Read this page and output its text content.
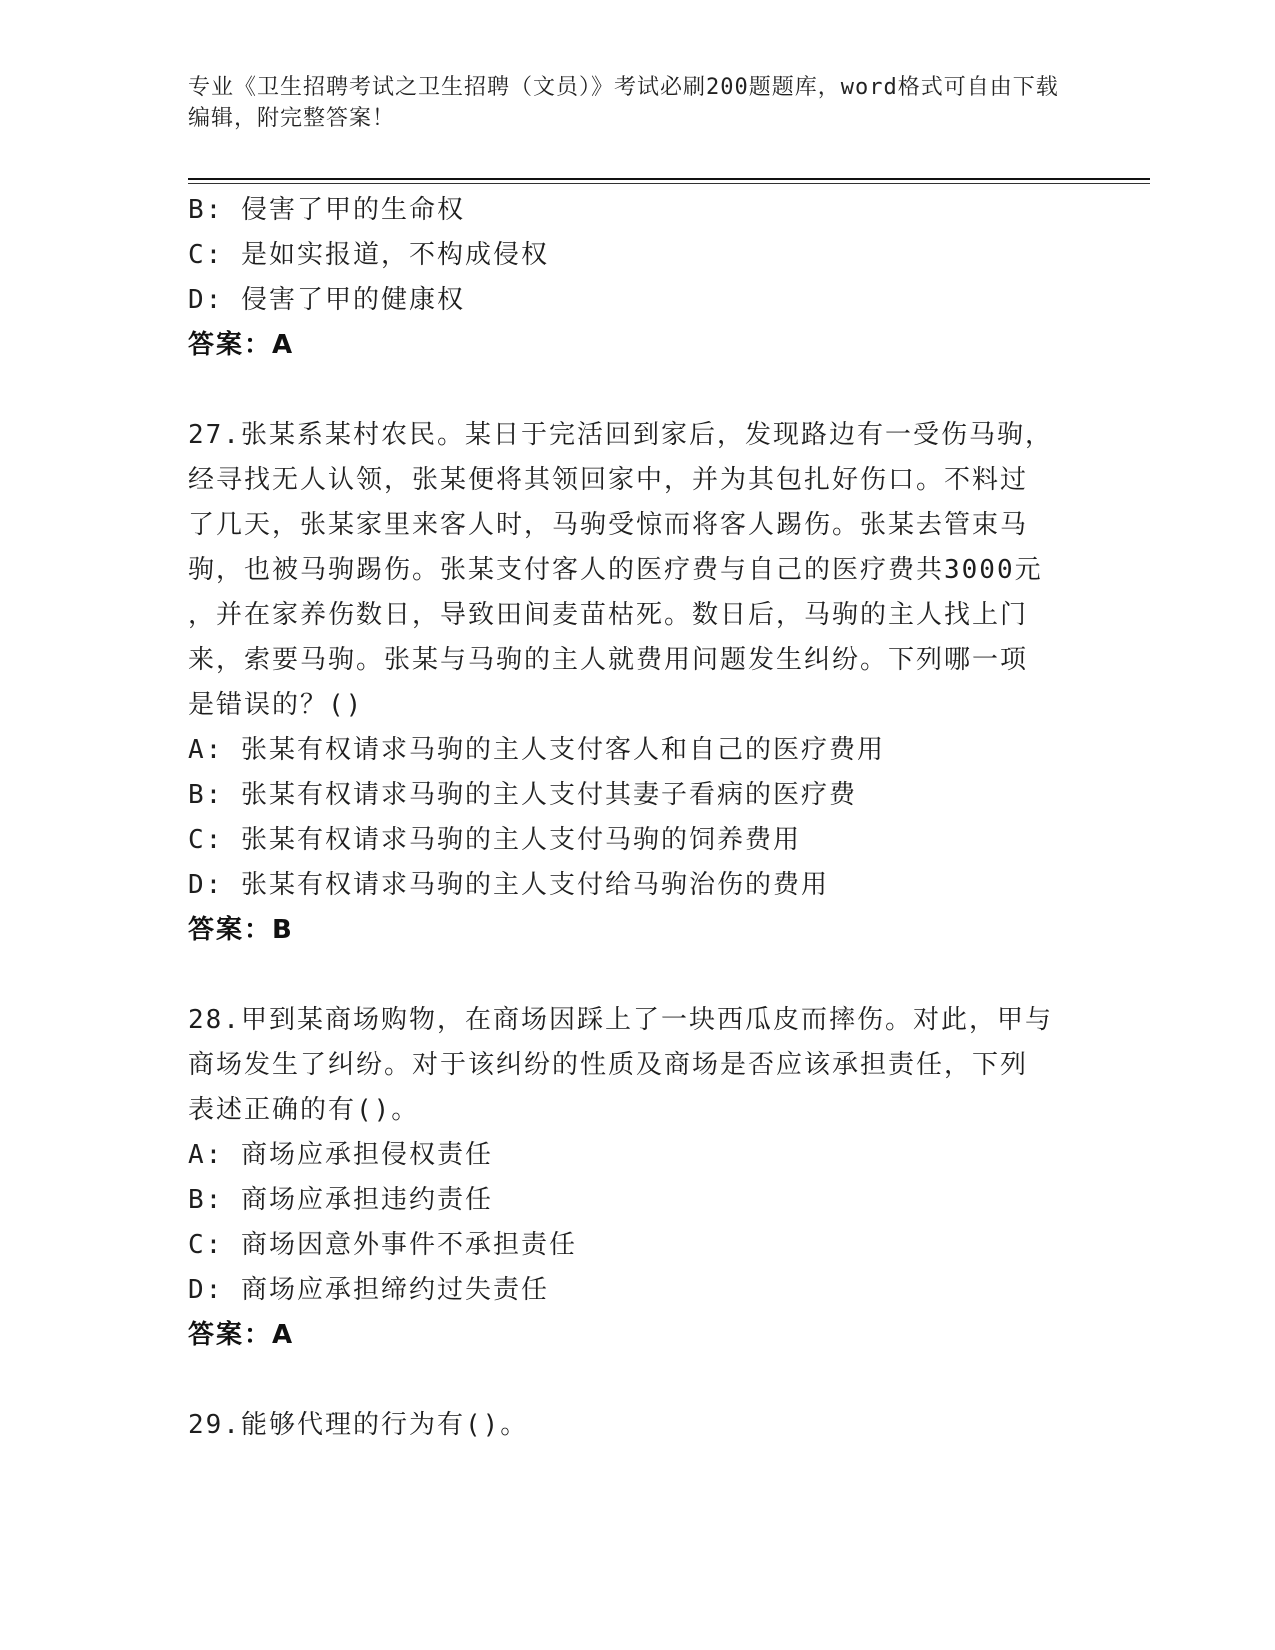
专业《卫生招聘考试之卫生招聘（文员）》考试必刷200题题库，word格式可自由下载编辑，附完整答案！
B: 侵害了甲的生命权
C: 是如实报道，不构成侵权
D: 侵害了甲的健康权
答案：A
27.张某系某村农民。某日于完活回到家后，发现路边有一受伤马驹，
经寻找无人认领，张某便将其领回家中，并为其包扎好伤口。不料过
了几天，张某家里来客人时，马驹受惊而将客人踢伤。张某去管束马
驹，也被马驹踢伤。张某支付客人的医疗费与自己的医疗费共3000元
，并在家养伤数日，导致田间麦苗枯死。数日后，马驹的主人找上门
来，索要马驹。张某与马驹的主人就费用问题发生纠纷。下列哪一项
是错误的？()
A: 张某有权请求马驹的主人支付客人和自己的医疗费用
B: 张某有权请求马驹的主人支付其妻子看病的医疗费
C: 张某有权请求马驹的主人支付马驹的饲养费用
D: 张某有权请求马驹的主人支付给马驹治伤的费用
答案：B
28.甲到某商场购物，在商场因踩上了一块西瓜皮而摔伤。对此，甲与
商场发生了纠纷。对于该纠纷的性质及商场是否应该承担责任，下列
表述正确的有()。
A: 商场应承担侵权责任
B: 商场应承担违约责任
C: 商场因意外事件不承担责任
D: 商场应承担缔约过失责任
答案：A
29.能够代理的行为有()。
